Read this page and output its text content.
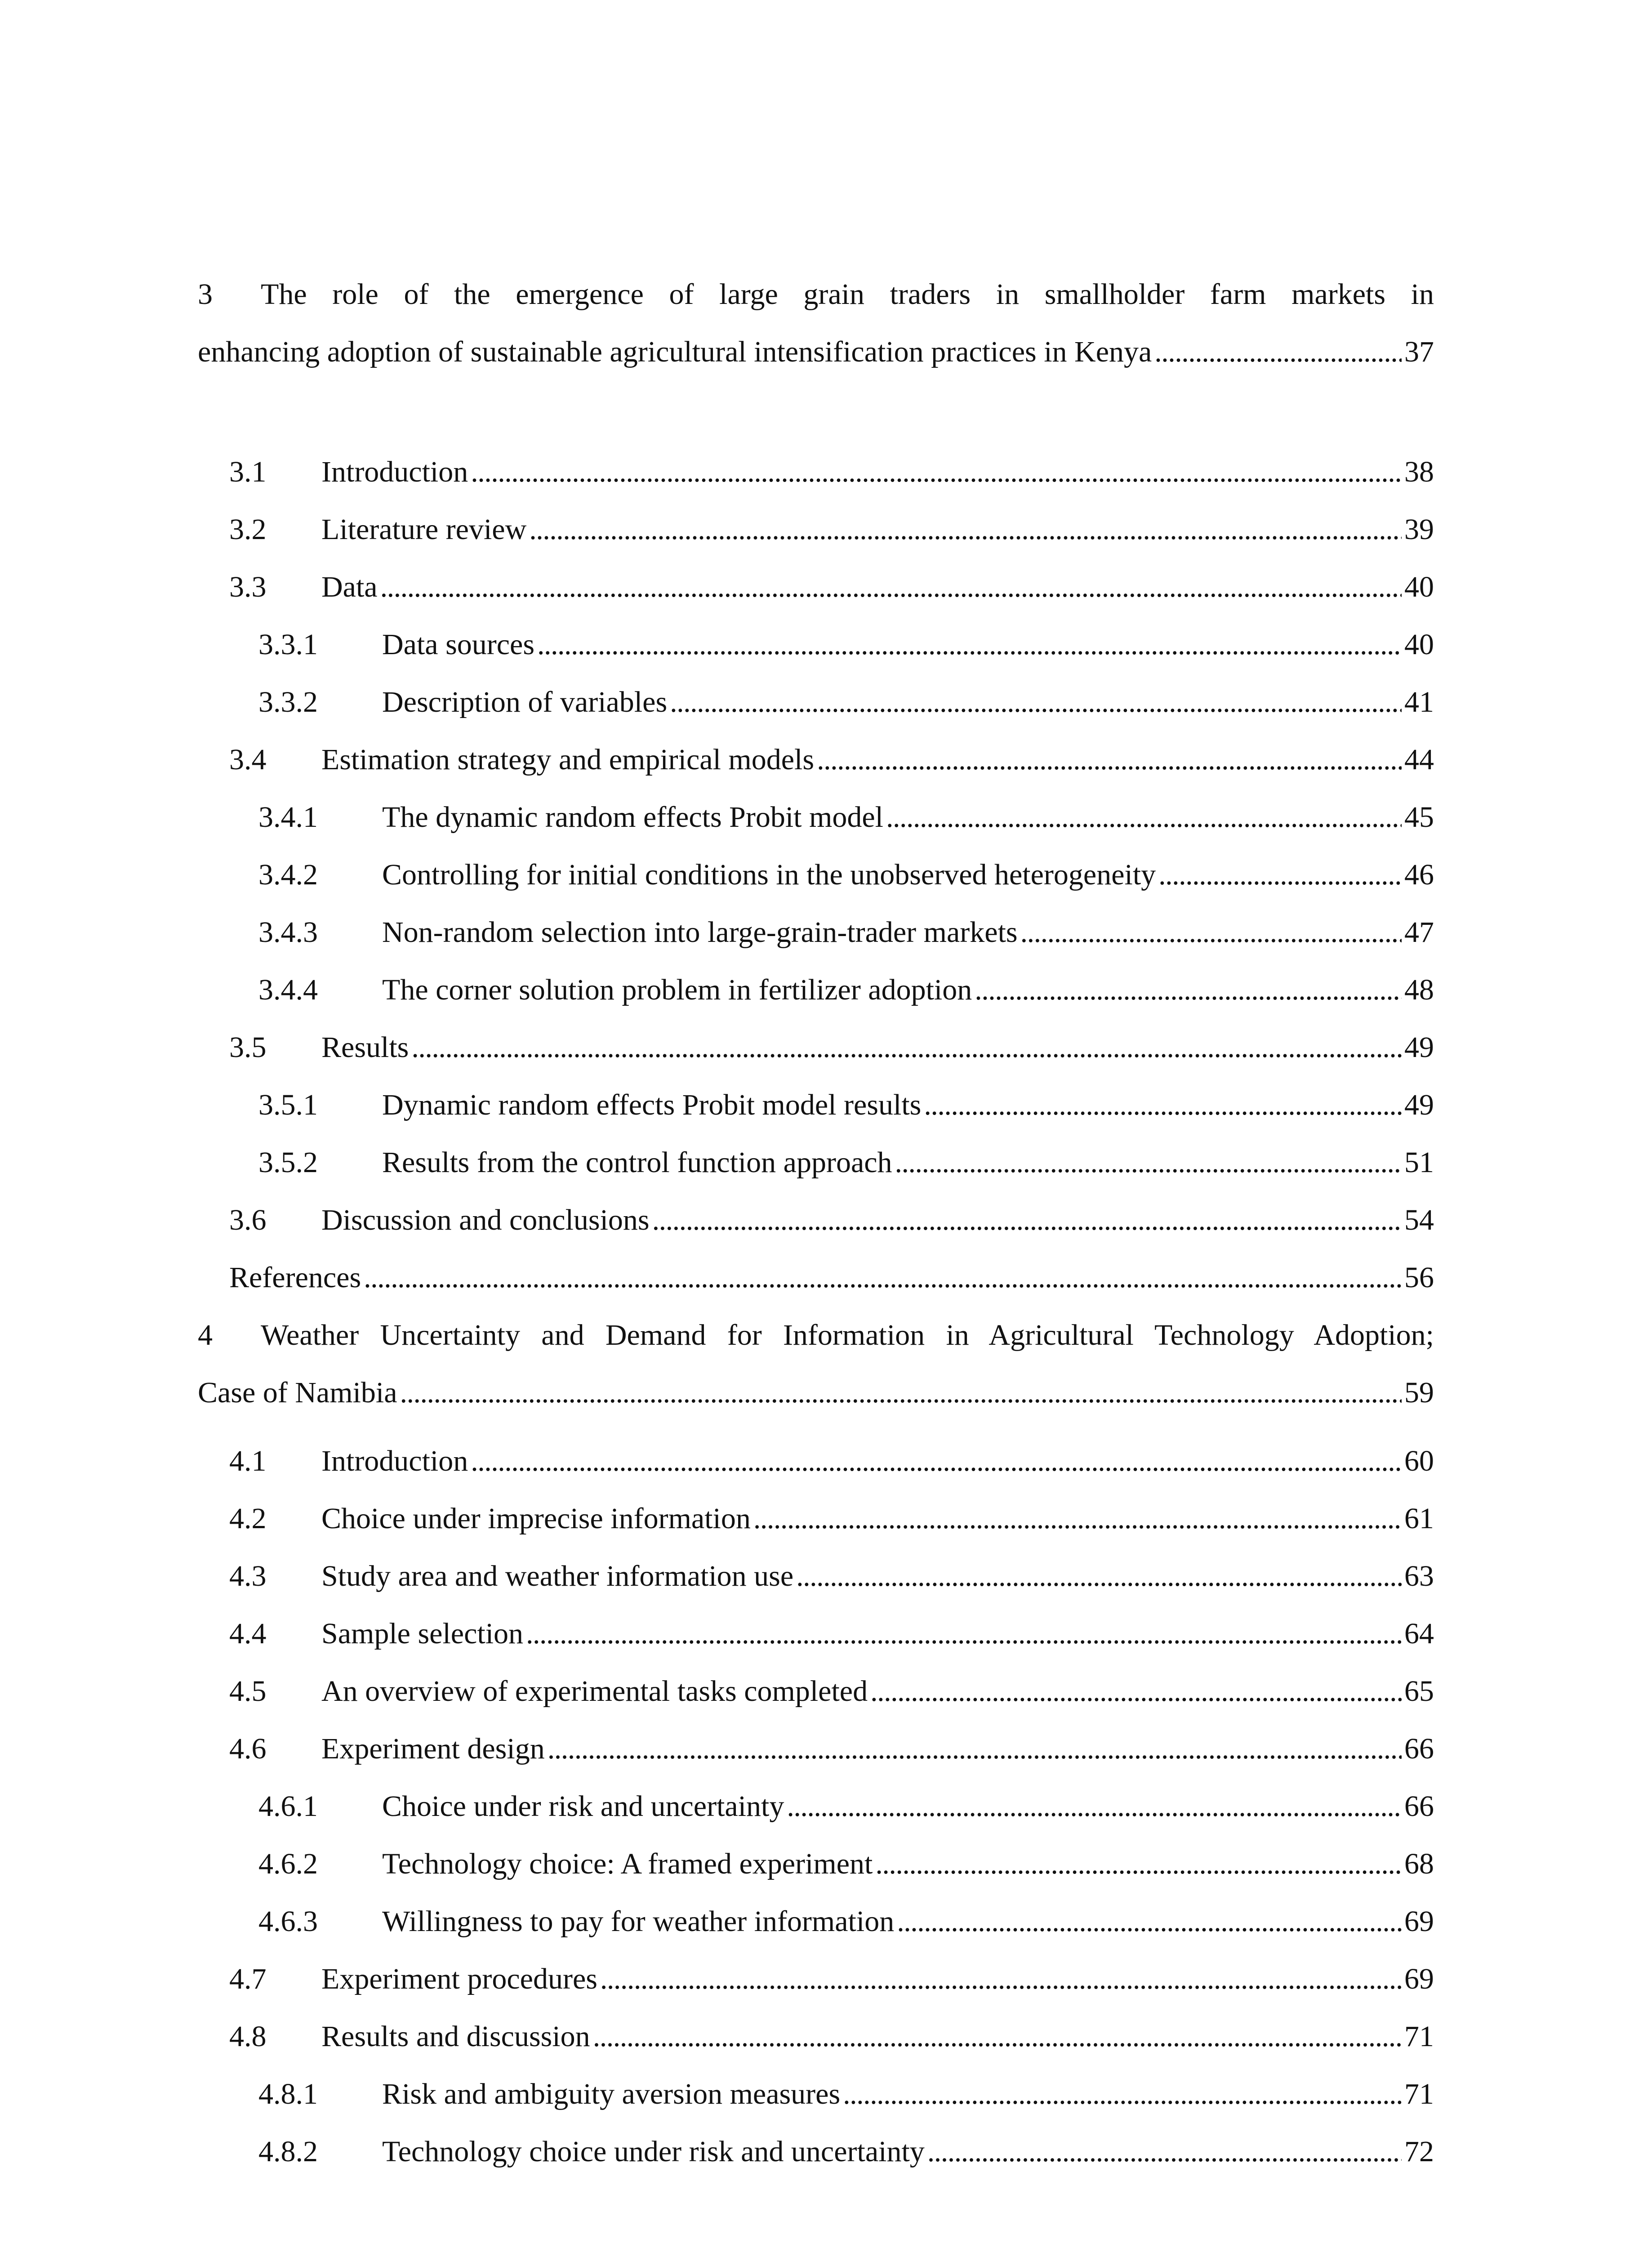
3	The role of the emergence of large grain traders in smallholder farm markets in
enhancing adoption of sustainable agricultural intensification practices in Kenya . . .	37
3.1	Introduction . . .	38
3.2	Literature review . . .	39
3.3	Data . . .	40
3.3.1	Data sources . . .	40
3.3.2	Description of variables . . .	41
3.4	Estimation strategy and empirical models . . .	44
3.4.1	The dynamic random effects Probit model . . .	45
3.4.2	Controlling for initial conditions in the unobserved heterogeneity . . .	46
3.4.3	Non-random selection into large-grain-trader markets . . .	47
3.4.4	The corner solution problem in fertilizer adoption . . .	48
3.5	Results . . .	49
3.5.1	Dynamic random effects Probit model results . . .	49
3.5.2	Results from the control function approach . . .	51
3.6	Discussion and conclusions . . .	54
References . . .	56
4	Weather Uncertainty and Demand for Information in Agricultural Technology Adoption;
Case of Namibia . . .	59
4.1	Introduction . . .	60
4.2	Choice under imprecise information . . .	61
4.3	Study area and weather information use . . .	63
4.4	Sample selection . . .	64
4.5	An overview of experimental tasks completed . . .	65
4.6	Experiment design . . .	66
4.6.1	Choice under risk and uncertainty . . .	66
4.6.2	Technology choice: A framed experiment . . .	68
4.6.3	Willingness to pay for weather information . . .	69
4.7	Experiment procedures . . .	69
4.8	Results and discussion . . .	71
4.8.1	Risk and ambiguity aversion measures . . .	71
4.8.2	Technology choice under risk and uncertainty . . .	72
